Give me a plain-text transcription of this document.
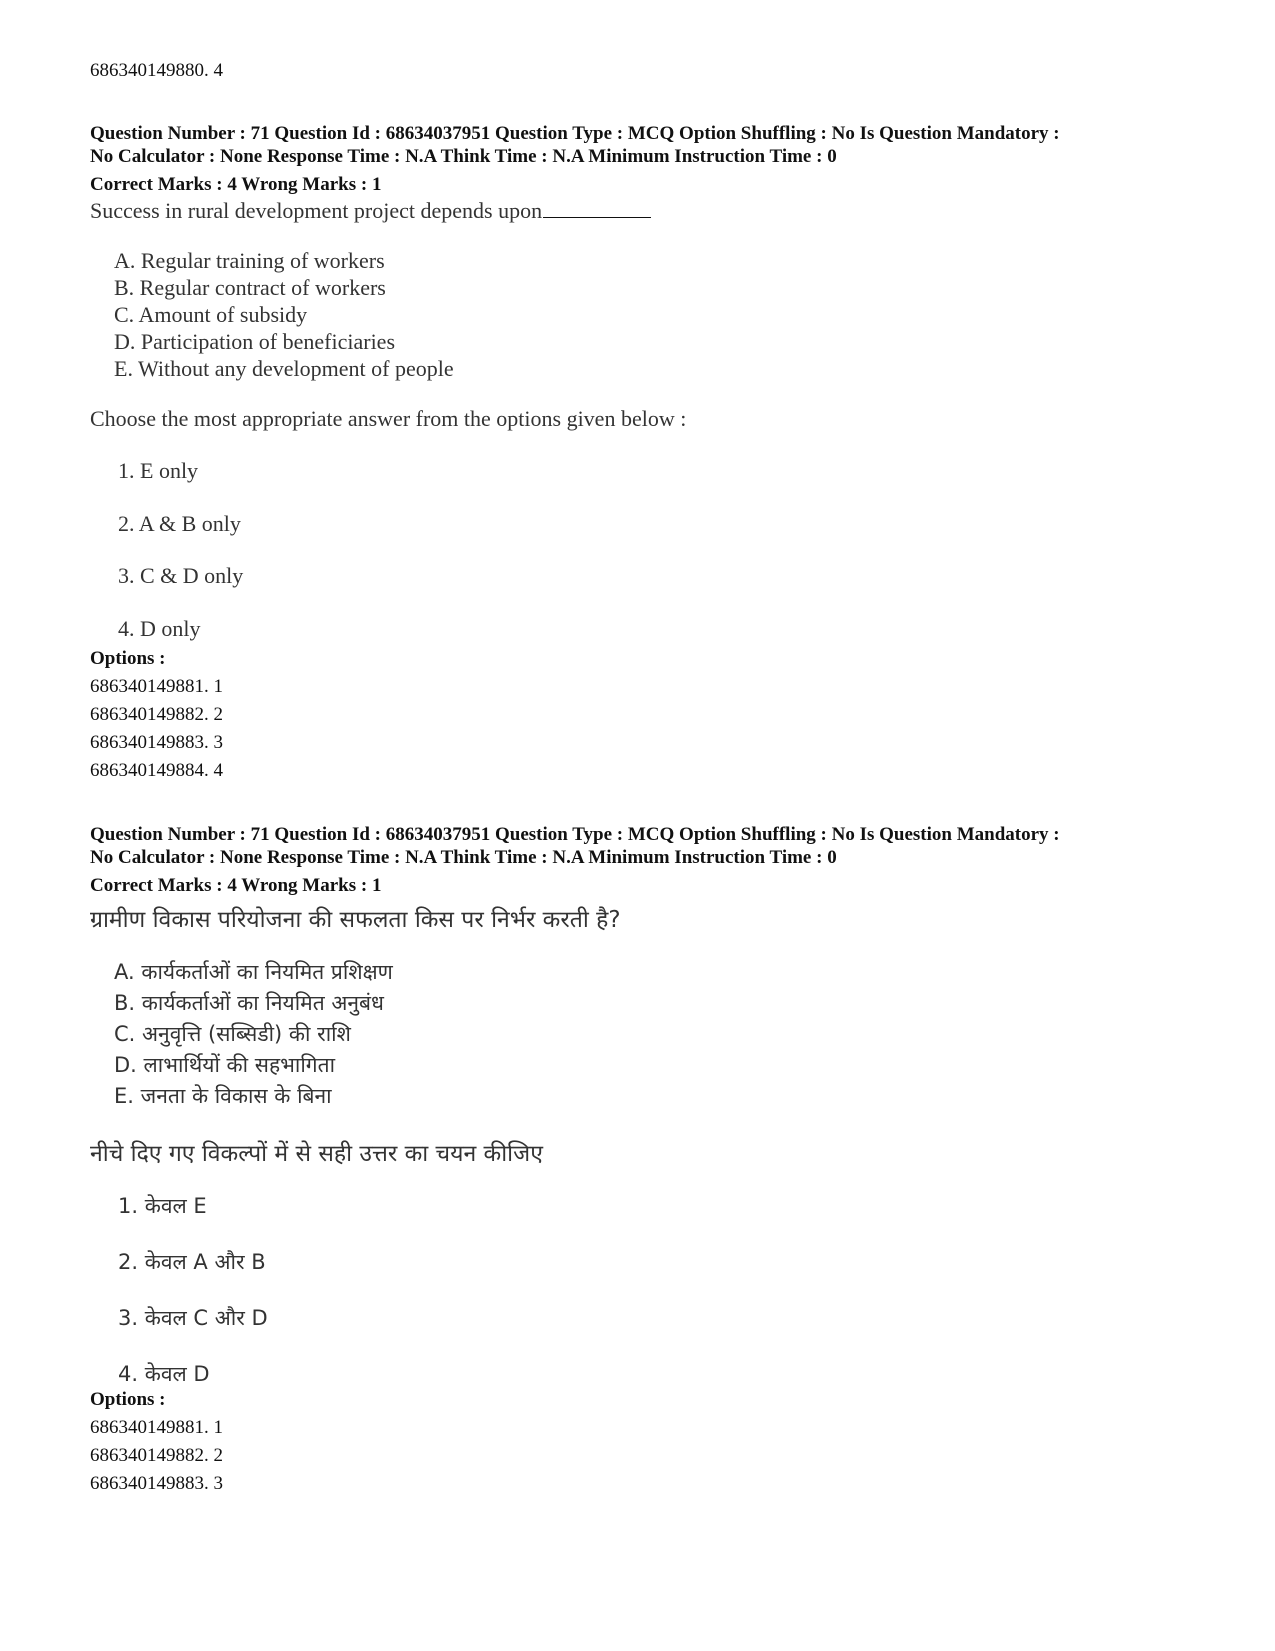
686340149880. 4
Question Number : 71 Question Id : 68634037951 Question Type : MCQ Option Shuffling : No Is Question Mandatory :
No Calculator : None Response Time : N.A Think Time : N.A Minimum Instruction Time : 0
Correct Marks : 4 Wrong Marks : 1
Success in rural development project depends upon
A. Regular training of workers
B. Regular contract of workers
C. Amount of subsidy
D. Participation of beneficiaries
E. Without any development of people
Choose the most appropriate answer from the options given below :
1. E only
2. A & B only
3. C & D only
4. D only
Options :
686340149881. 1
686340149882. 2
686340149883. 3
686340149884. 4
Question Number : 71 Question Id : 68634037951 Question Type : MCQ Option Shuffling : No Is Question Mandatory :
No Calculator : None Response Time : N.A Think Time : N.A Minimum Instruction Time : 0
Correct Marks : 4 Wrong Marks : 1
ग्रामीण विकास परियोजना की सफलता किस पर निर्भर करती है?
A. कार्यकर्ताओं का नियमित प्रशिक्षण
B. कार्यकर्ताओं का नियमित अनुबंध
C. अनुवृत्ति (सब्सिडी) की राशि
D. लाभार्थियों की सहभागिता
E. जनता के विकास के बिना
नीचे दिए गए विकल्पों में से सही उत्तर का चयन कीजिए
1. केवल E
2. केवल A और B
3. केवल C और D
4. केवल D
Options :
686340149881. 1
686340149882. 2
686340149883. 3
